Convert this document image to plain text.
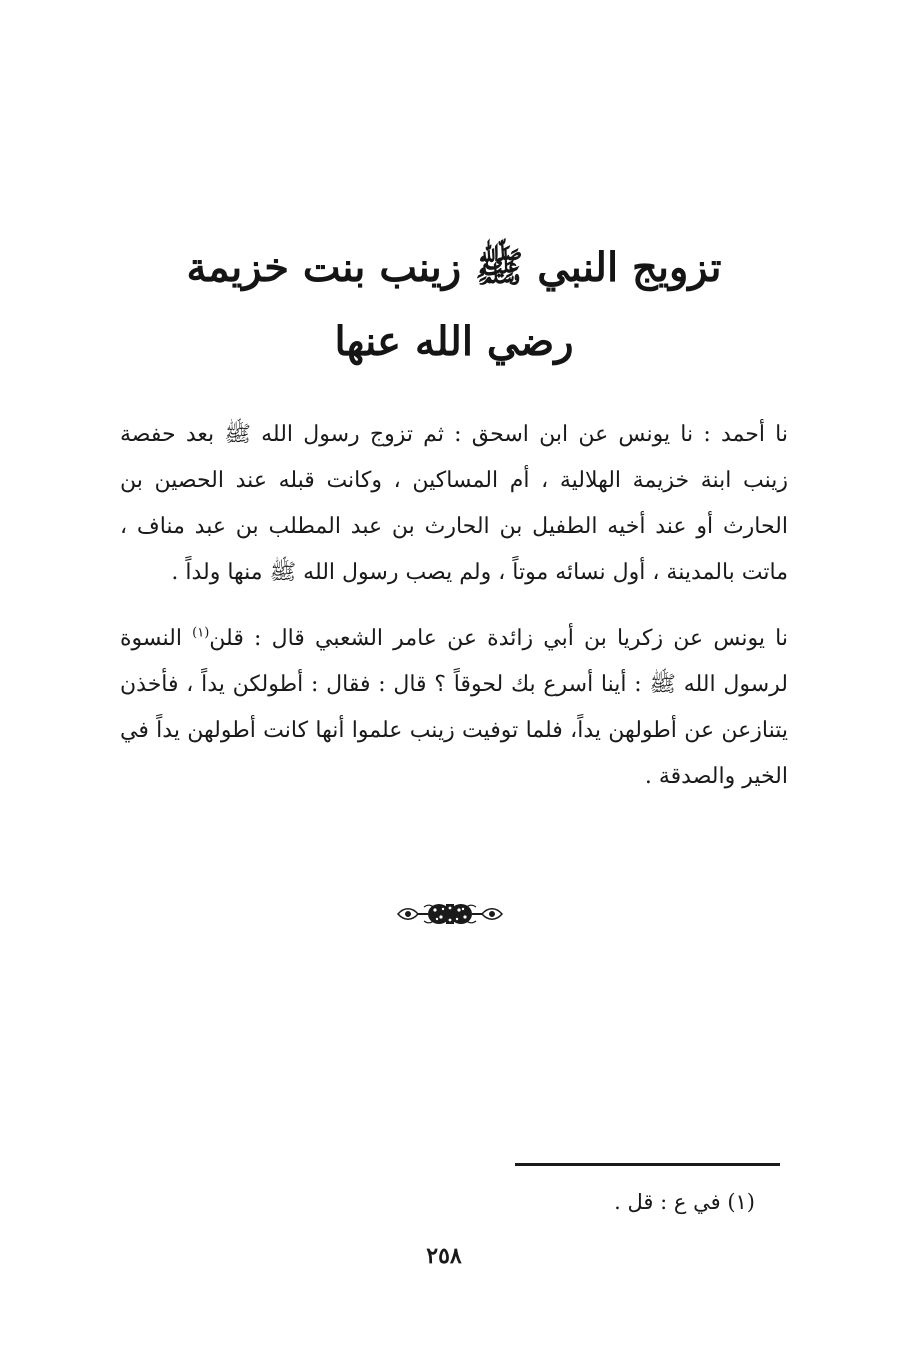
تزويج النبي ﷺ زينب بنت خزيمة
رضي الله عنها

نا أحمد : نا يونس عن ابن اسحق : ثم تزوج رسول الله ﷺ بعد حفصة زينب ابنة خزيمة الهلالية ، أم المساكين ، وكانت قبله عند الحصين بن الحارث أو عند أخيه الطفيل بن الحارث بن عبد المطلب بن عبد مناف ، ماتت بالمدينة ، أول نسائه موتاً ، ولم يصب رسول الله ﷺ منها ولداً .

نا يونس عن زكريا بن أبي زائدة عن عامر الشعبي قال : قلن$^{(١)}$ النسوة لرسول الله ﷺ : أينا أسرع بك لحوقاً ؟ قال : فقال : أطولكن يداً ، فأخذن يتنازعن عن أطولهن يداً، فلما توفيت زينب علموا أنها كانت أطولهن يداً في الخير والصدقة .

(١) في ع : قل .
٢٥٨
